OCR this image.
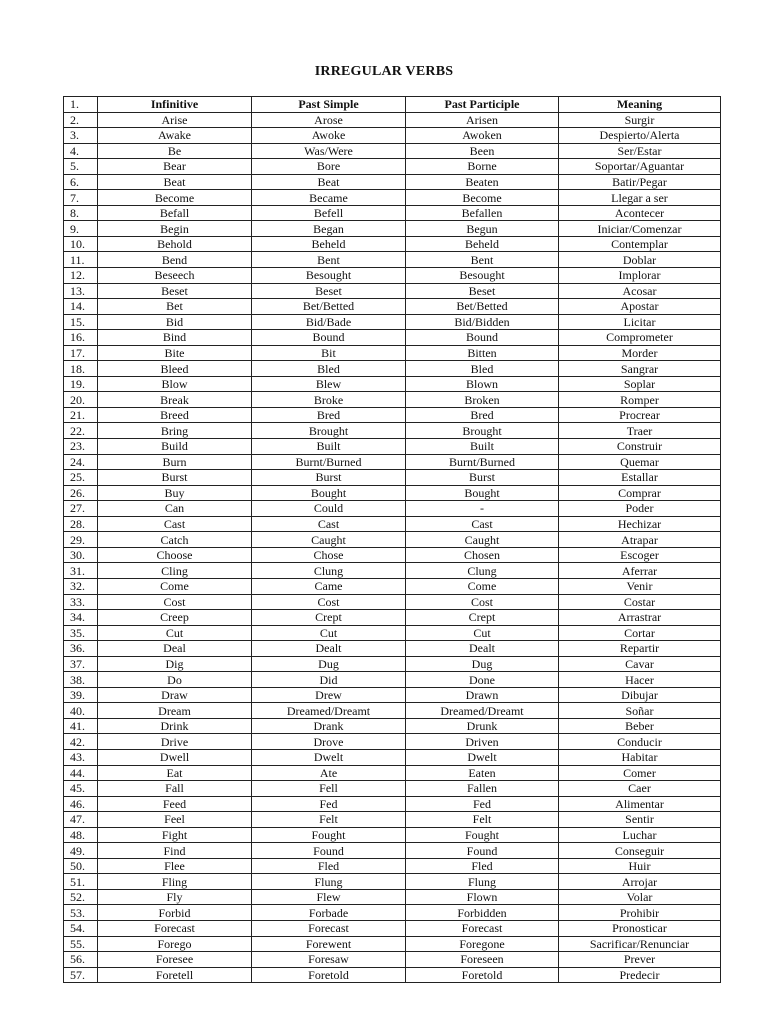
IRREGULAR VERBS
1.	Infinitive	Past Simple	Past Participle	Meaning
2.	Arise	Arose	Arisen	Surgir
3.	Awake	Awoke	Awoken	Despierto/Alerta
4.	Be	Was/Were	Been	Ser/Estar
5.	Bear	Bore	Borne	Soportar/Aguantar
6.	Beat	Beat	Beaten	Batir/Pegar
7.	Become	Became	Become	Llegar a ser
8.	Befall	Befell	Befallen	Acontecer
9.	Begin	Began	Begun	Iniciar/Comenzar
10.	Behold	Beheld	Beheld	Contemplar
11.	Bend	Bent	Bent	Doblar
12.	Beseech	Besought	Besought	Implorar
13.	Beset	Beset	Beset	Acosar
14.	Bet	Bet/Betted	Bet/Betted	Apostar
15.	Bid	Bid/Bade	Bid/Bidden	Licitar
16.	Bind	Bound	Bound	Comprometer
17.	Bite	Bit	Bitten	Morder
18.	Bleed	Bled	Bled	Sangrar
19.	Blow	Blew	Blown	Soplar
20.	Break	Broke	Broken	Romper
21.	Breed	Bred	Bred	Procrear
22.	Bring	Brought	Brought	Traer
23.	Build	Built	Built	Construir
24.	Burn	Burnt/Burned	Burnt/Burned	Quemar
25.	Burst	Burst	Burst	Estallar
26.	Buy	Bought	Bought	Comprar
27.	Can	Could	-	Poder
28.	Cast	Cast	Cast	Hechizar
29.	Catch	Caught	Caught	Atrapar
30.	Choose	Chose	Chosen	Escoger
31.	Cling	Clung	Clung	Aferrar
32.	Come	Came	Come	Venir
33.	Cost	Cost	Cost	Costar
34.	Creep	Crept	Crept	Arrastrar
35.	Cut	Cut	Cut	Cortar
36.	Deal	Dealt	Dealt	Repartir
37.	Dig	Dug	Dug	Cavar
38.	Do	Did	Done	Hacer
39.	Draw	Drew	Drawn	Dibujar
40.	Dream	Dreamed/Dreamt	Dreamed/Dreamt	Soñar
41.	Drink	Drank	Drunk	Beber
42.	Drive	Drove	Driven	Conducir
43.	Dwell	Dwelt	Dwelt	Habitar
44.	Eat	Ate	Eaten	Comer
45.	Fall	Fell	Fallen	Caer
46.	Feed	Fed	Fed	Alimentar
47.	Feel	Felt	Felt	Sentir
48.	Fight	Fought	Fought	Luchar
49.	Find	Found	Found	Conseguir
50.	Flee	Fled	Fled	Huir
51.	Fling	Flung	Flung	Arrojar
52.	Fly	Flew	Flown	Volar
53.	Forbid	Forbade	Forbidden	Prohibir
54.	Forecast	Forecast	Forecast	Pronosticar
55.	Forego	Forewent	Foregone	Sacrificar/Renunciar
56.	Foresee	Foresaw	Foreseen	Prever
57.	Foretell	Foretold	Foretold	Predecir
